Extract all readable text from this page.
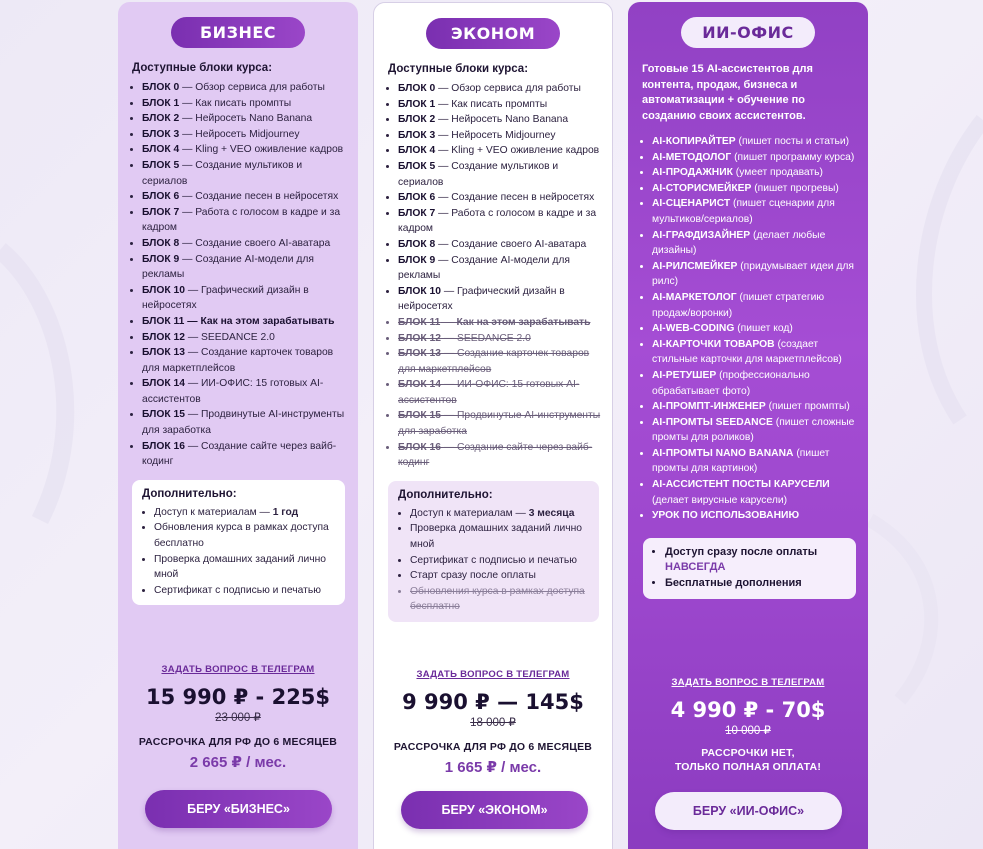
БИЗНЕС
Доступные блоки курса:
• БЛОК 0 — Обзор сервиса для работы
• БЛОК 1 — Как писать промпты
• БЛОК 2 — Нейросеть Nano Banana
• БЛОК 3 — Нейросеть Midjourney
• БЛОК 4 — Kling + VEO оживление кадров
• БЛОК 5 — Создание мультиков и сериалов
• БЛОК 6 — Создание песен в нейросетях
• БЛОК 7 — Работа с голосом в кадре и за кадром
• БЛОК 8 — Создание своего AI-аватара
• БЛОК 9 — Создание AI-модели для рекламы
• БЛОК 10 — Графический дизайн в нейросетях
• БЛОК 11 — Как на этом зарабатывать
• БЛОК 12 — SEEDANCE 2.0
• БЛОК 13 — Создание карточек товаров для маркетплейсов
• БЛОК 14 — ИИ-ОФИС: 15 готовых AI-ассистентов
• БЛОК 15 — Продвинутые AI-инструменты для заработка
• БЛОК 16 — Создание сайте через вайб-кодинг
Дополнительно:
• Доступ к материалам — 1 год
• Обновления курса в рамках доступа бесплатно
• Проверка домашних заданий лично мной
• Сертификат с подписью и печатью
ЗАДАТЬ ВОПРОС В ТЕЛЕГРАМ
15 990 ₽ - 225$
23 000 ₽
РАССРОЧКА ДЛЯ РФ ДО 6 МЕСЯЦЕВ
2 665 ₽ / мес.
БЕРУ «БИЗНЕС»
ЭКОНОМ
Доступные блоки курса:
• БЛОК 0 — Обзор сервиса для работы
• БЛОК 1 — Как писать промпты
• БЛОК 2 — Нейросеть Nano Banana
• БЛОК 3 — Нейросеть Midjourney
• БЛОК 4 — Kling + VEO оживление кадров
• БЛОК 5 — Создание мультиков и сериалов
• БЛОК 6 — Создание песен в нейросетях
• БЛОК 7 — Работа с голосом в кадре и за кадром
• БЛОК 8 — Создание своего AI-аватара
• БЛОК 9 — Создание AI-модели для рекламы
• БЛОК 10 — Графический дизайн в нейросетях
• БЛОК 11 — Как на этом зарабатывать
• БЛОК 12 — SEEDANCE 2.0
• БЛОК 13 — Создание карточек товаров для маркетплейсов
• БЛОК 14 — ИИ-ОФИС: 15 готовых AI-ассистентов
• БЛОК 15 — Продвинутые AI-инструменты для заработка
• БЛОК 16 — Создание сайте через вайб-кодинг
Дополнительно:
• Доступ к материалам — 3 месяца
• Проверка домашних заданий лично мной
• Сертификат с подписью и печатью
• Старт сразу после оплаты
• Обновления курса в рамках доступа бесплатно
ЗАДАТЬ ВОПРОС В ТЕЛЕГРАМ
9 990 ₽ — 145$
18 000 ₽
РАССРОЧКА ДЛЯ РФ ДО 6 МЕСЯЦЕВ
1 665 ₽ / мес.
БЕРУ «ЭКОНОМ»
ИИ-ОФИС
Готовые 15 AI-ассистентов для контента, продаж, бизнеса и автоматизации + обучение по созданию своих ассистентов.
• AI-КОПИРАЙТЕР (пишет посты и статьи)
• AI-МЕТОДОЛОГ (пишет программу курса)
• AI-ПРОДАЖНИК (умеет продавать)
• AI-СТОРИСМЕЙКЕР (пишет прогревы)
• AI-СЦЕНАРИСТ (пишет сценарии для мультиков/сериалов)
• AI-ГРАФДИЗАЙНЕР (делает любые дизайны)
• AI-РИЛСМЕЙКЕР (придумывает идеи для рилс)
• AI-МАРКЕТОЛОГ (пишет стратегию продаж/воронки)
• AI-WEB-CODING (пишет код)
• AI-КАРТОЧКИ ТОВАРОВ (создает стильные карточки для маркетплейсов)
• AI-РЕТУШЕР (профессионально обрабатывает фото)
• AI-ПРОМПТ-ИНЖЕНЕР (пишет промпты)
• AI-ПРОМТЫ SEEDANCE (пишет сложные промты для роликов)
• AI-ПРОМТЫ NANO BANANA (пишет промты для картинок)
• AI-АССИСТЕНТ ПОСТЫ КАРУСЕЛИ (делает вирусные карусели)
• УРОК ПО ИСПОЛЬЗОВАНИЮ
• Доступ сразу после оплаты
НАВСЕГДА
• Бесплатные дополнения
ЗАДАТЬ ВОПРОС В ТЕЛЕГРАМ
4 990 ₽ - 70$
10 000 ₽
РАССРОЧКИ НЕТ,
ТОЛЬКО ПОЛНАЯ ОПЛАТА!
БЕРУ «ИИ-ОФИС»
